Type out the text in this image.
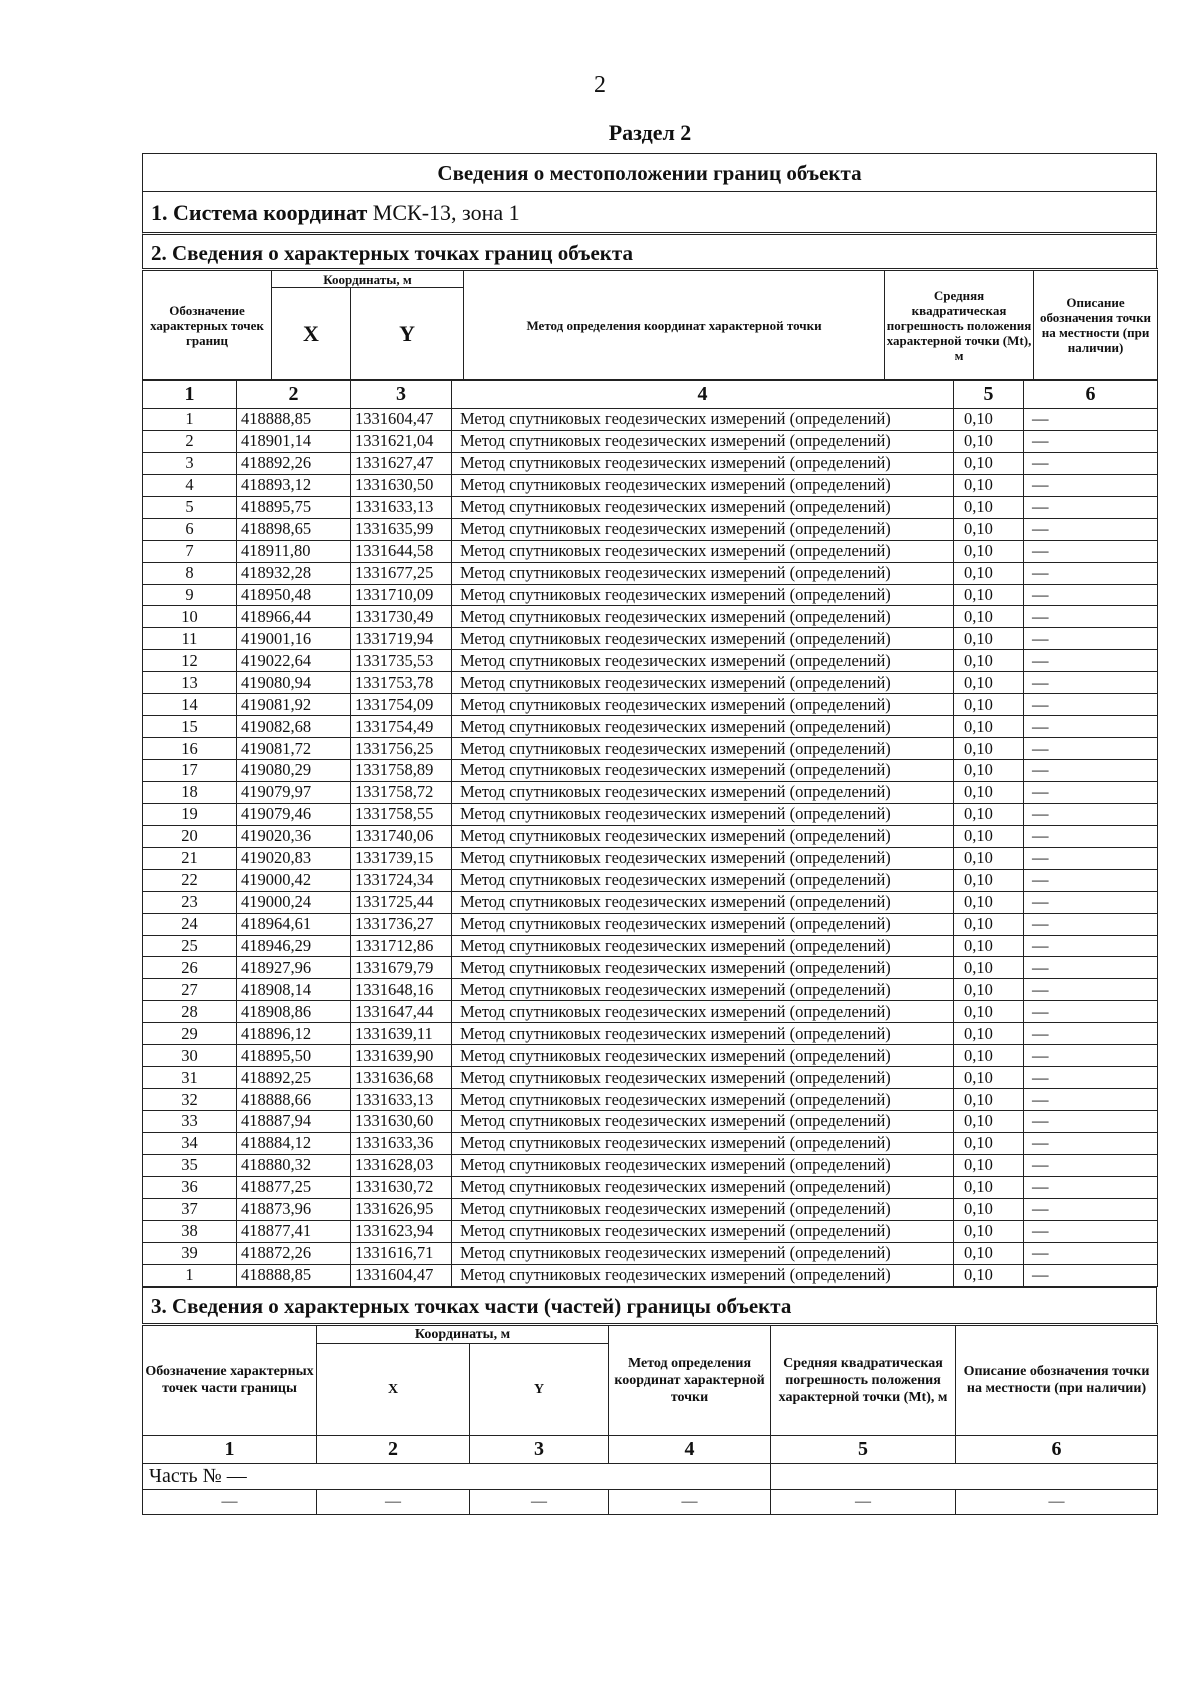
2
Раздел 2
Сведения о местоположении границ объекта
1. Система координат МСК-13, зона 1
2. Сведения о характерных точках границ объекта
Обозначение характерных точек границ	Координаты, м		Метод определения координат характерной точки	Средняя квадратическая погрешность положения характерной точки (Mt), м	Описание обозначения точки на местности (при наличии)
	X	Y			
1	2	3	4	5	6
1	418888,85	1331604,47	Метод спутниковых геодезических измерений (определений)	0,10	—
2	418901,14	1331621,04	Метод спутниковых геодезических измерений (определений)	0,10	—
3	418892,26	1331627,47	Метод спутниковых геодезических измерений (определений)	0,10	—
4	418893,12	1331630,50	Метод спутниковых геодезических измерений (определений)	0,10	—
5	418895,75	1331633,13	Метод спутниковых геодезических измерений (определений)	0,10	—
6	418898,65	1331635,99	Метод спутниковых геодезических измерений (определений)	0,10	—
7	418911,80	1331644,58	Метод спутниковых геодезических измерений (определений)	0,10	—
8	418932,28	1331677,25	Метод спутниковых геодезических измерений (определений)	0,10	—
9	418950,48	1331710,09	Метод спутниковых геодезических измерений (определений)	0,10	—
10	418966,44	1331730,49	Метод спутниковых геодезических измерений (определений)	0,10	—
11	419001,16	1331719,94	Метод спутниковых геодезических измерений (определений)	0,10	—
12	419022,64	1331735,53	Метод спутниковых геодезических измерений (определений)	0,10	—
13	419080,94	1331753,78	Метод спутниковых геодезических измерений (определений)	0,10	—
14	419081,92	1331754,09	Метод спутниковых геодезических измерений (определений)	0,10	—
15	419082,68	1331754,49	Метод спутниковых геодезических измерений (определений)	0,10	—
16	419081,72	1331756,25	Метод спутниковых геодезических измерений (определений)	0,10	—
17	419080,29	1331758,89	Метод спутниковых геодезических измерений (определений)	0,10	—
18	419079,97	1331758,72	Метод спутниковых геодезических измерений (определений)	0,10	—
19	419079,46	1331758,55	Метод спутниковых геодезических измерений (определений)	0,10	—
20	419020,36	1331740,06	Метод спутниковых геодезических измерений (определений)	0,10	—
21	419020,83	1331739,15	Метод спутниковых геодезических измерений (определений)	0,10	—
22	419000,42	1331724,34	Метод спутниковых геодезических измерений (определений)	0,10	—
23	419000,24	1331725,44	Метод спутниковых геодезических измерений (определений)	0,10	—
24	418964,61	1331736,27	Метод спутниковых геодезических измерений (определений)	0,10	—
25	418946,29	1331712,86	Метод спутниковых геодезических измерений (определений)	0,10	—
26	418927,96	1331679,79	Метод спутниковых геодезических измерений (определений)	0,10	—
27	418908,14	1331648,16	Метод спутниковых геодезических измерений (определений)	0,10	—
28	418908,86	1331647,44	Метод спутниковых геодезических измерений (определений)	0,10	—
29	418896,12	1331639,11	Метод спутниковых геодезических измерений (определений)	0,10	—
30	418895,50	1331639,90	Метод спутниковых геодезических измерений (определений)	0,10	—
31	418892,25	1331636,68	Метод спутниковых геодезических измерений (определений)	0,10	—
32	418888,66	1331633,13	Метод спутниковых геодезических измерений (определений)	0,10	—
33	418887,94	1331630,60	Метод спутниковых геодезических измерений (определений)	0,10	—
34	418884,12	1331633,36	Метод спутниковых геодезических измерений (определений)	0,10	—
35	418880,32	1331628,03	Метод спутниковых геодезических измерений (определений)	0,10	—
36	418877,25	1331630,72	Метод спутниковых геодезических измерений (определений)	0,10	—
37	418873,96	1331626,95	Метод спутниковых геодезических измерений (определений)	0,10	—
38	418877,41	1331623,94	Метод спутниковых геодезических измерений (определений)	0,10	—
39	418872,26	1331616,71	Метод спутниковых геодезических измерений (определений)	0,10	—
1	418888,85	1331604,47	Метод спутниковых геодезических измерений (определений)	0,10	—
3. Сведения о характерных точках части (частей) границы объекта
Обозначение характерных точек части границы	Координаты, м		Метод определения координат характерной точки	Средняя квадратическая погрешность положения характерной точки (Mt), м	Описание обозначения точки на местности (при наличии)
	X	Y			
1	2	3	4	5	6
Часть № —					
—	—	—	—	—	—
